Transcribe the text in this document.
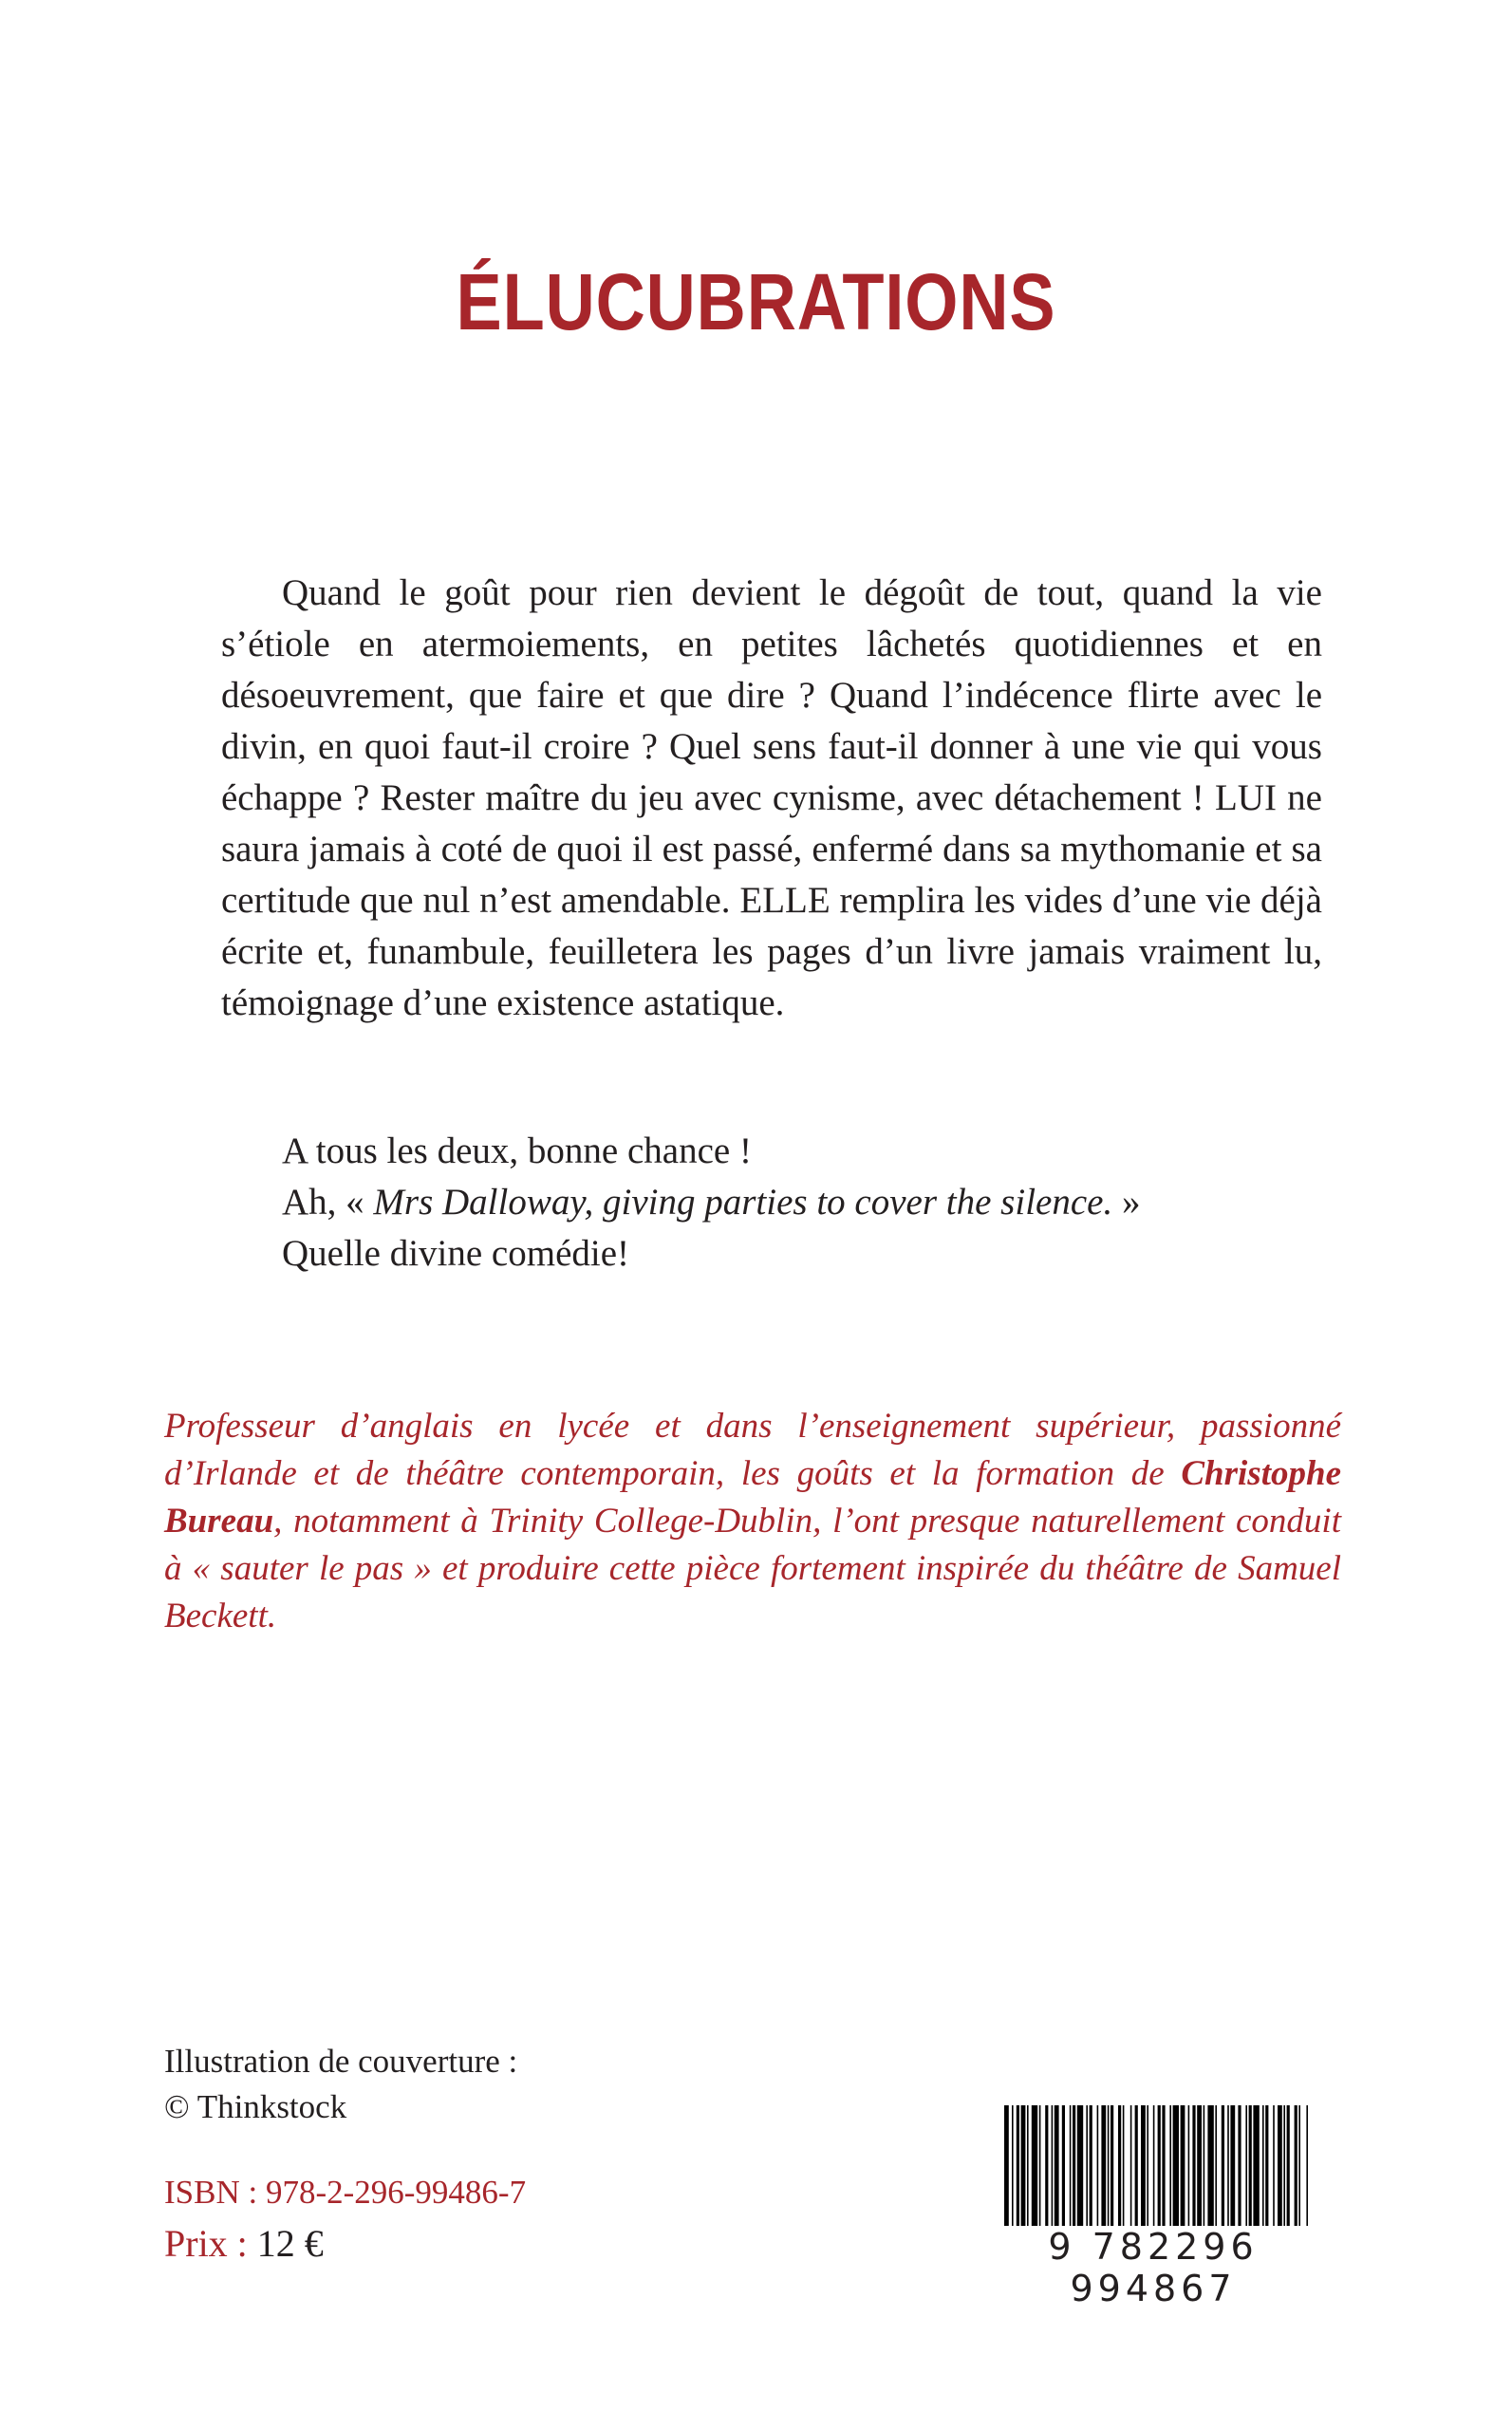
ÉLUCUBRATIONS

Quand le goût pour rien devient le dégoût de tout, quand la vie s’étiole en atermoiements, en petites lâchetés quotidiennes et en désoeuvrement, que faire et que dire ? Quand l’indécence flirte avec le divin, en quoi faut-il croire ? Quel sens faut-il donner à une vie qui vous échappe ? Rester maître du jeu avec cynisme, avec détachement ! LUI ne saura jamais à coté de quoi il est passé, enfermé dans sa mythomanie et sa certitude que nul n’est amendable. ELLE remplira les vides d’une vie déjà écrite et, funambule, feuilletera les pages d’un livre jamais vraiment lu, témoignage d’une existence astatique.

A tous les deux, bonne chance !
Ah, « Mrs Dalloway, giving parties to cover the silence. »
Quelle divine comédie!
Professeur d’anglais en lycée et dans l’enseignement supérieur, passionné d’Irlande et de théâtre contemporain, les goûts et la formation de Christophe Bureau, notamment à Trinity College-Dublin, l’ont presque naturellement conduit à « sauter le pas » et produire cette pièce fortement inspirée du théâtre de Samuel Beckett.
Illustration de couverture :
© Thinkstock
ISBN : 978-2-296-99486-7
Prix : 12 €	9 782296 994867
